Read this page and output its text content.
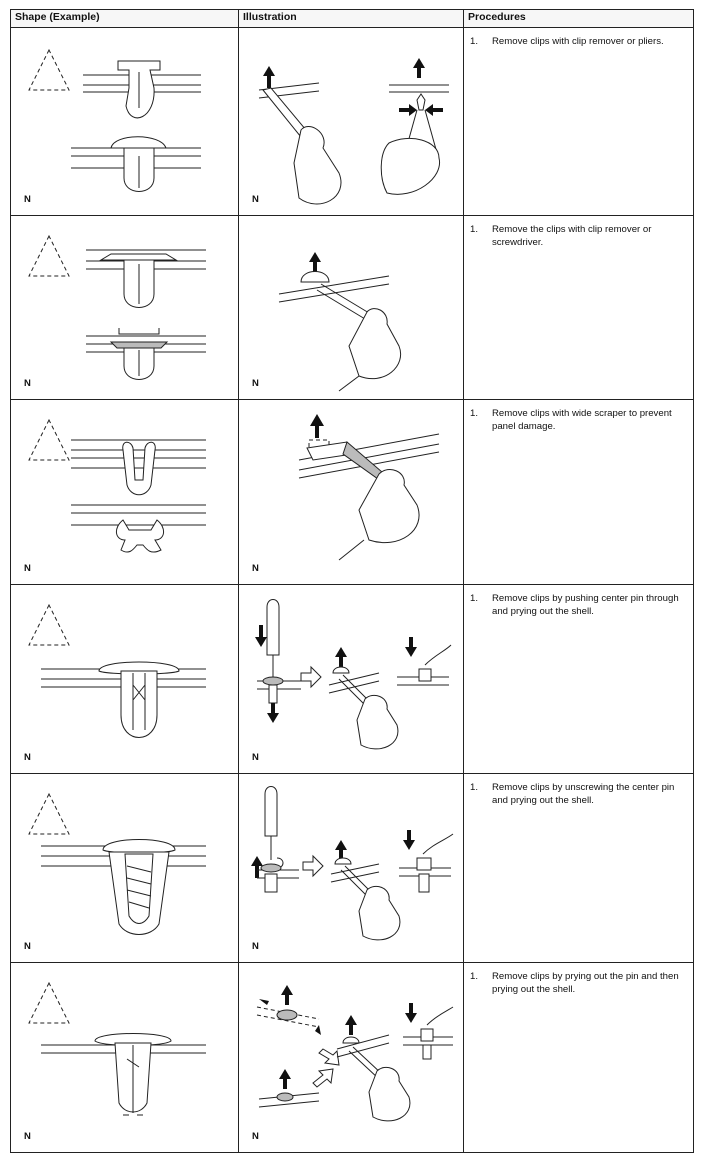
Shape (Example)	Illustration	Procedures

N	N	1. Remove clips with clip remover or pliers.

N	N	1. Remove the clips with clip remover or screwdriver.

N	N	1. Remove clips with wide scraper to prevent panel damage.

N	N	1. Remove clips by pushing center pin through and prying out the shell.

N	N	1. Remove clips by unscrewing the center pin and prying out the shell.

N	N	1. Remove clips by prying out the pin and then prying out the shell.
